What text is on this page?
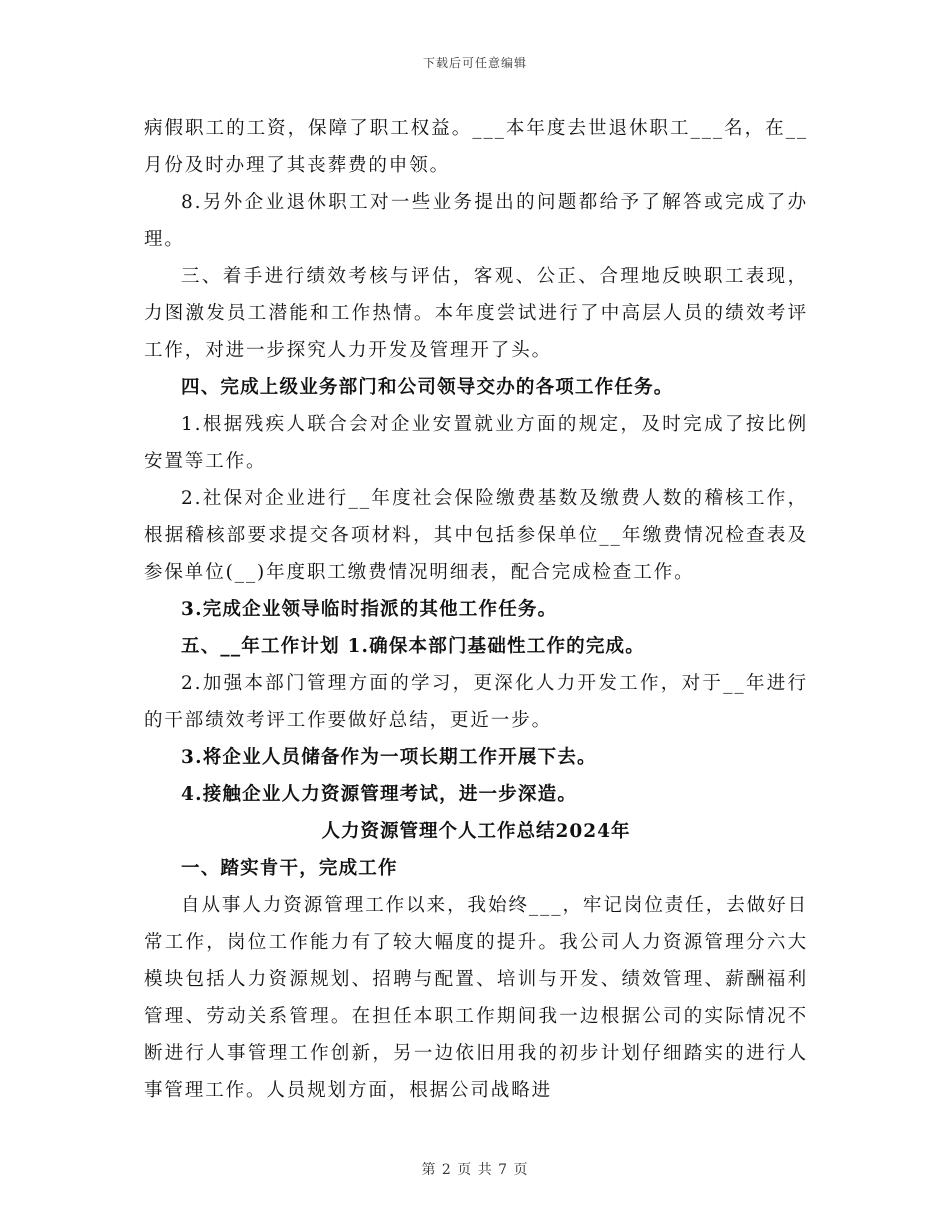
下载后可任意编辑

病假职工的工资，保障了职工权益。___本年度去世退休职工___名，在__月份及时办理了其丧葬费的申领。

8.另外企业退休职工对一些业务提出的问题都给予了解答或完成了办理。

三、着手进行绩效考核与评估，客观、公正、合理地反映职工表现，力图激发员工潜能和工作热情。本年度尝试进行了中高层人员的绩效考评工作，对进一步探究人力开发及管理开了头。

四、完成上级业务部门和公司领导交办的各项工作任务。

1.根据残疾人联合会对企业安置就业方面的规定，及时完成了按比例安置等工作。

2.社保对企业进行__年度社会保险缴费基数及缴费人数的稽核工作，根据稽核部要求提交各项材料，其中包括参保单位__年缴费情况检查表及参保单位(__)年度职工缴费情况明细表，配合完成检查工作。

3.完成企业领导临时指派的其他工作任务。

五、__年工作计划 1.确保本部门基础性工作的完成。

2.加强本部门管理方面的学习，更深化人力开发工作，对于__年进行的干部绩效考评工作要做好总结，更近一步。

3.将企业人员储备作为一项长期工作开展下去。

4.接触企业人力资源管理考试，进一步深造。

人力资源管理个人工作总结2024年

一、踏实肯干，完成工作

自从事人力资源管理工作以来，我始终___，牢记岗位责任，去做好日常工作，岗位工作能力有了较大幅度的提升。我公司人力资源管理分六大模块包括人力资源规划、招聘与配置、培训与开发、绩效管理、薪酬福利管理、劳动关系管理。在担任本职工作期间我一边根据公司的实际情况不断进行人事管理工作创新，另一边依旧用我的初步计划仔细踏实的进行人事管理工作。人员规划方面，根据公司战略进

第 2 页 共 7 页
